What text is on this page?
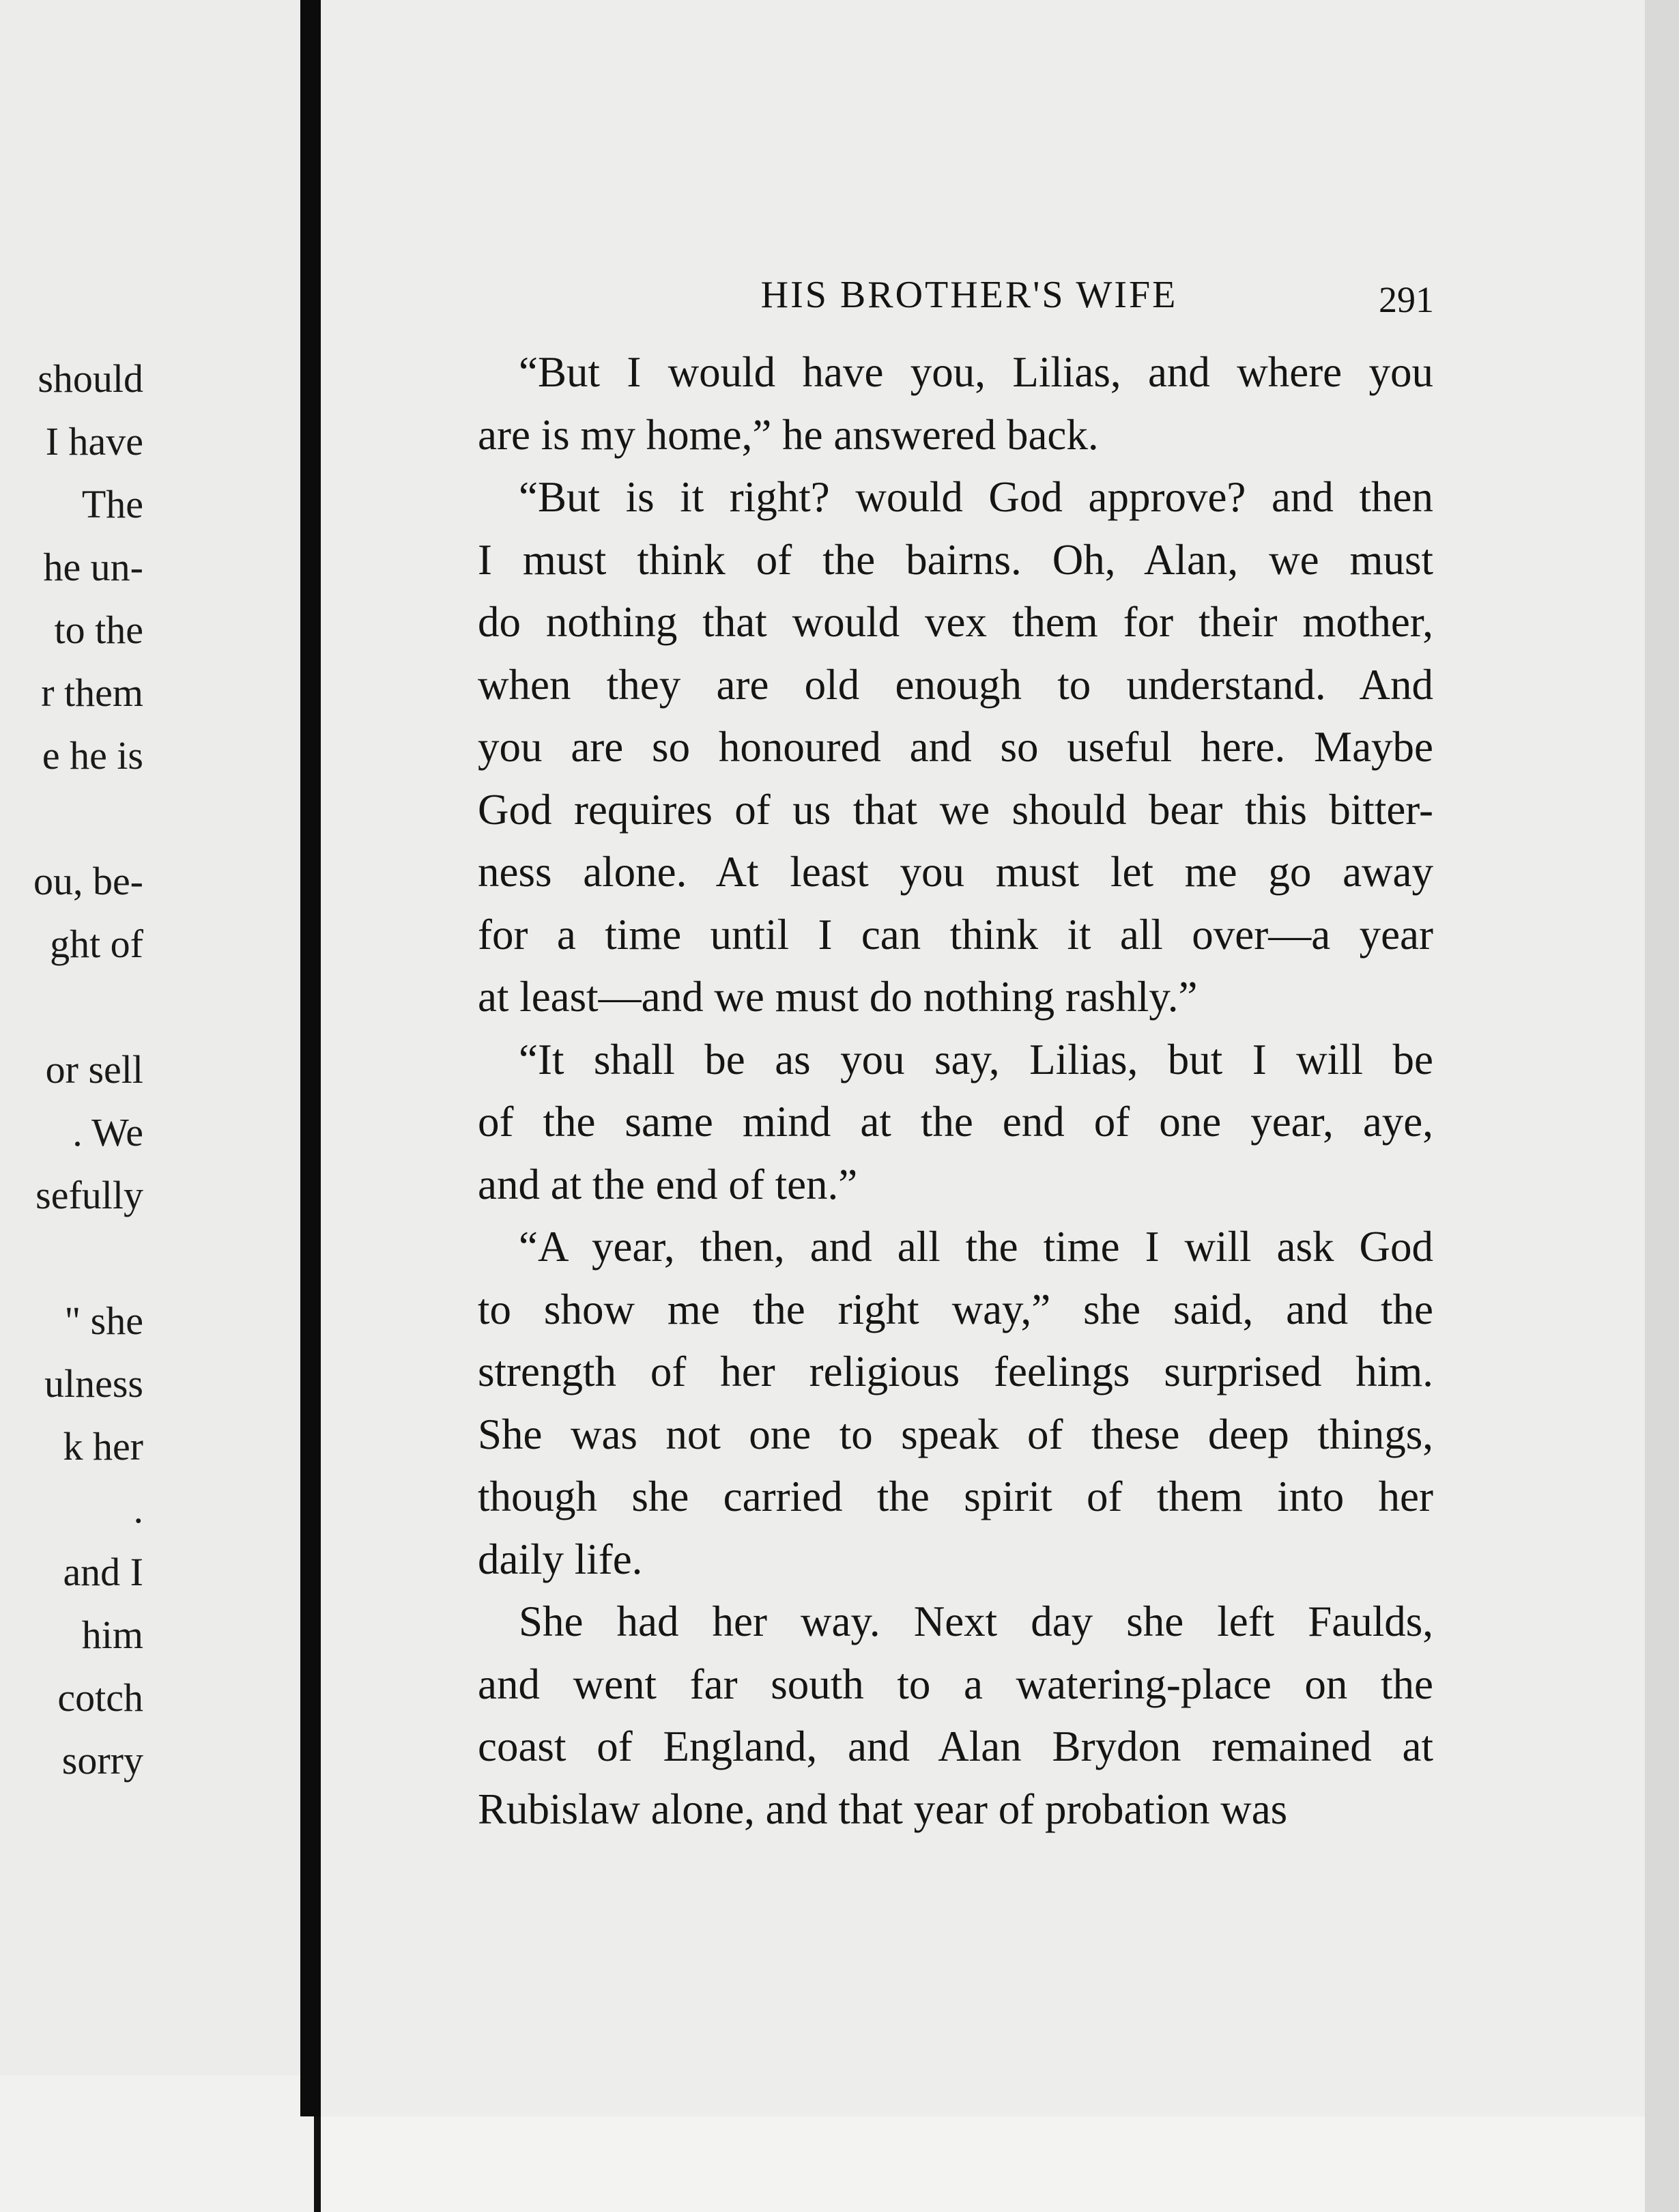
should
I have
The
he un-
to the
r them
e he is
ou, be-
ght of
or sell
. We
sefully
" she
ulness
k her
.
and I
him
cotch
sorry
HIS BROTHER'S WIFE	291
“But I would have you, Lilias, and where you
are is my home,” he answered back.
“But is it right? would God approve? and then
I must think of the bairns. Oh, Alan, we must
do nothing that would vex them for their mother,
when they are old enough to understand. And
you are so honoured and so useful here. Maybe
God requires of us that we should bear this bitter-
ness alone. At least you must let me go away
for a time until I can think it all over—a year
at least—and we must do nothing rashly.”
“It shall be as you say, Lilias, but I will be
of the same mind at the end of one year, aye,
and at the end of ten.”
“A year, then, and all the time I will ask God
to show me the right way,” she said, and the
strength of her religious feelings surprised him.
She was not one to speak of these deep things,
though she carried the spirit of them into her
daily life.
She had her way. Next day she left Faulds,
and went far south to a watering-place on the
coast of England, and Alan Brydon remained at
Rubislaw alone, and that year of probation was
